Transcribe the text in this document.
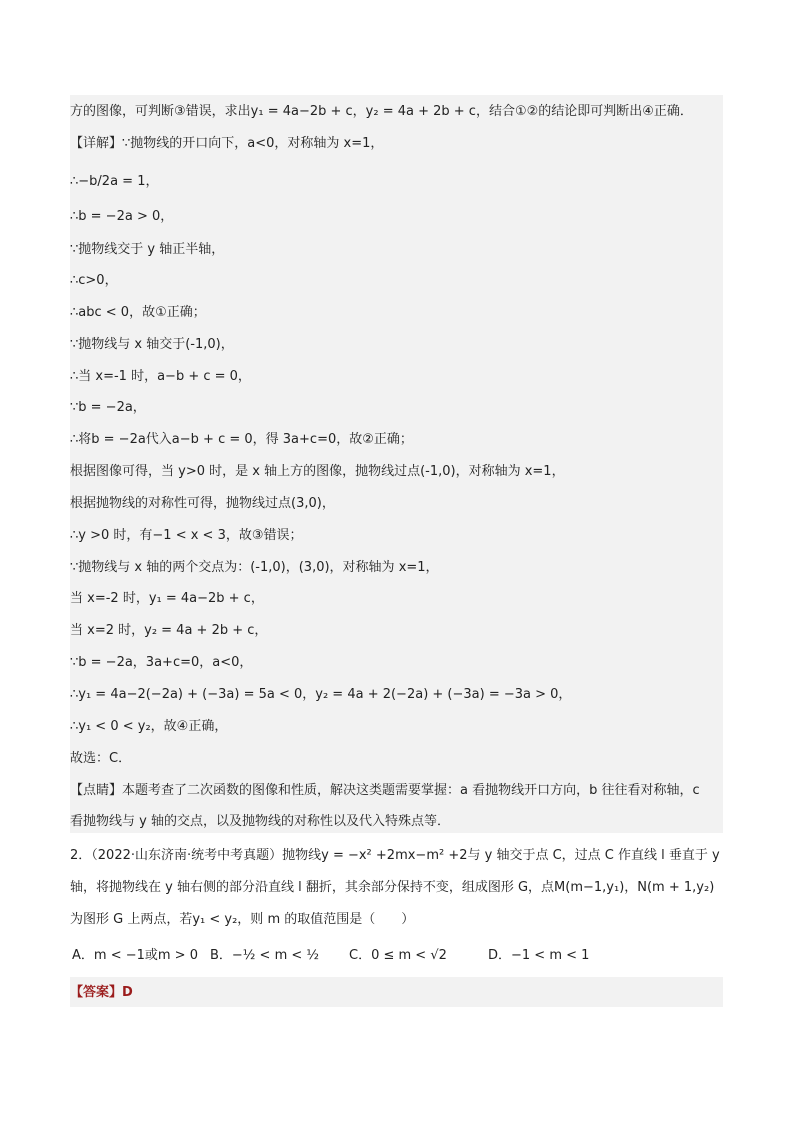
方的图像，可判断③错误，求出y₁ = 4a−2b + c，y₂ = 4a + 2b + c，结合①②的结论即可判断出④正确．
【详解】∵抛物线的开口向下，a<0，对称轴为 x=1，
∴−b/2a = 1，
∴b = −2a > 0，
∵抛物线交于 y 轴正半轴，
∴c>0，
∴abc < 0，故①正确；
∵抛物线与 x 轴交于(-1,0)，
∴当 x=-1 时，a−b + c = 0，
∵b = −2a，
∴将b = −2a代入a−b + c = 0，得 3a+c=0，故②正确；
根据图像可得，当 y>0 时，是 x 轴上方的图像，抛物线过点(-1,0)，对称轴为 x=1，
根据抛物线的对称性可得，抛物线过点(3,0)，
∴y >0 时，有−1 < x < 3，故③错误；
∵抛物线与 x 轴的两个交点为：(-1,0)，(3,0)，对称轴为 x=1，
当 x=-2 时，y₁ = 4a−2b + c，
当 x=2 时，y₂ = 4a + 2b + c，
∵b = −2a，3a+c=0，a<0，
∴y₁ = 4a−2(−2a) + (−3a) = 5a < 0，y₂ = 4a + 2(−2a) + (−3a) = −3a > 0，
∴y₁ < 0 < y₂，故④正确，
故选：C．
【点睛】本题考查了二次函数的图像和性质，解决这类题需要掌握：a 看抛物线开口方向，b 往往看对称轴，c
看抛物线与 y 轴的交点，以及抛物线的对称性以及代入特殊点等．
2．（2022·山东济南·统考中考真题）抛物线y = −x² +2mx−m² +2与 y 轴交于点 C，过点 C 作直线 l 垂直于 y
轴，将抛物线在 y 轴右侧的部分沿直线 l 翻折，其余部分保持不变，组成图形 G，点M(m−1,y₁)，N(m + 1,y₂)
为图形 G 上两点，若y₁ < y₂，则 m 的取值范围是（　　）
A．m < −1或m > 0 B．−½ < m < ½ C．0 ≤ m < √2	D．−1 < m < 1
【答案】D
